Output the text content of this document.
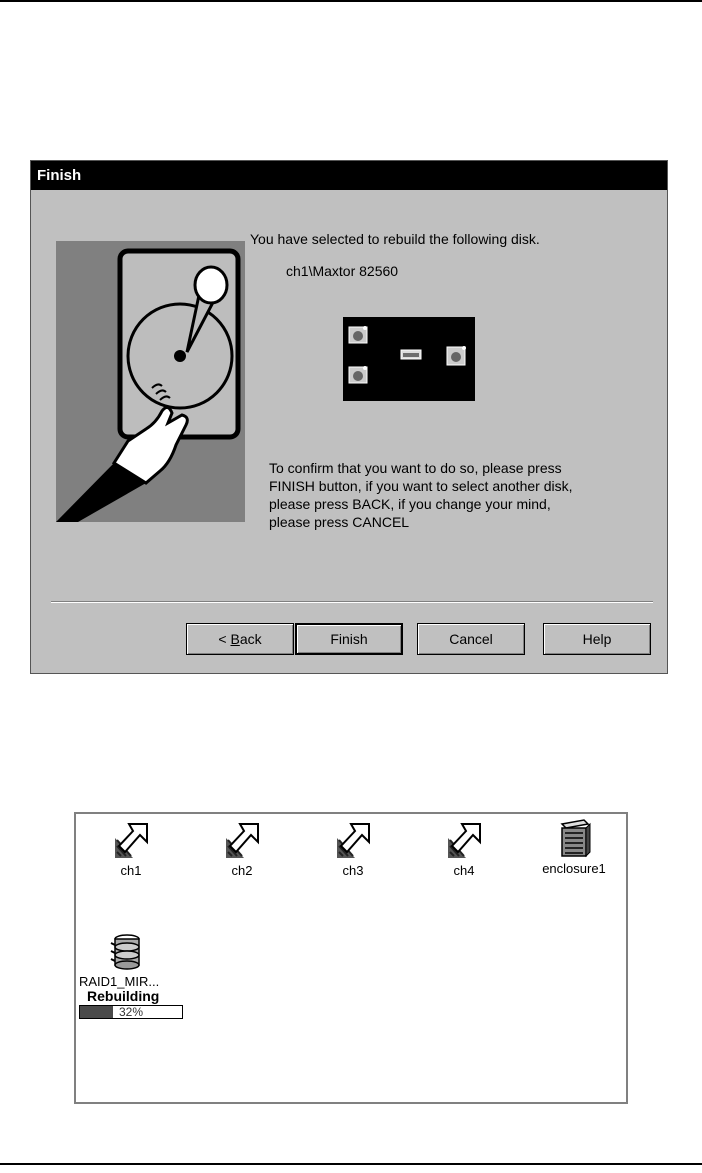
Finish
You have selected to rebuild the following disk.
ch1\Maxtor 82560
To confirm that you want to do so, please press FINISH button, if you want to select another disk, please press BACK, if you change your mind, please press CANCEL
< Back	Finish	Cancel	Help
ch1	ch2	ch3	ch4	enclosure1
RAID1_MIR...
Rebuilding
32%
